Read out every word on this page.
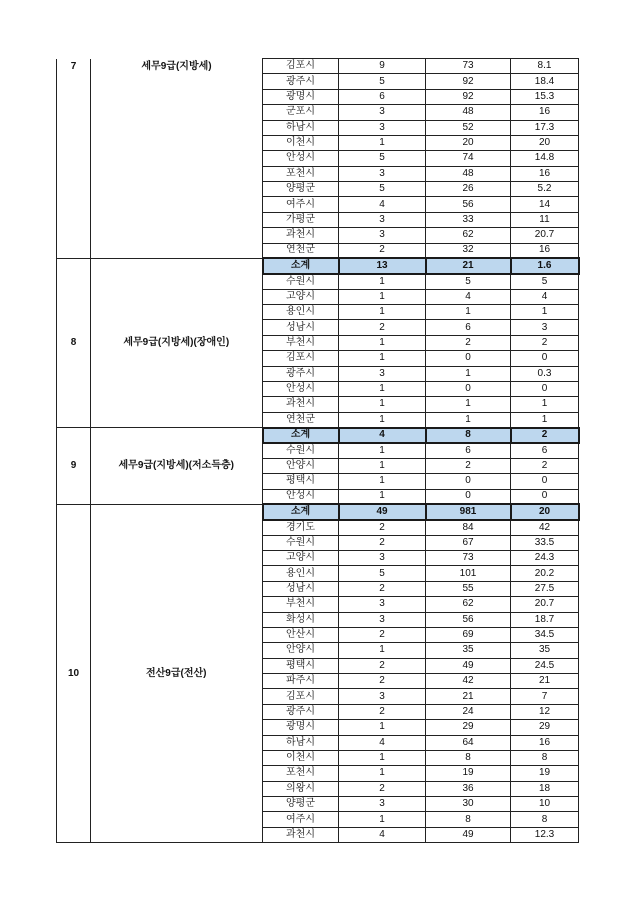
7	세무9급(지방세)	김포시	9	73	8.1
		광주시	5	92	18.4
		광명시	6	92	15.3
		군포시	3	48	16
		하남시	3	52	17.3
		이천시	1	20	20
		안성시	5	74	14.8
		포천시	3	48	16
		양평군	5	26	5.2
		여주시	4	56	14
		가평군	3	33	11
		과천시	3	62	20.7
		연천군	2	32	16
8	세무9급(지방세)(장애인)	소계	13	21	1.6
		수원시	1	5	5
		고양시	1	4	4
		용인시	1	1	1
		성남시	2	6	3
		부천시	1	2	2
		김포시	1	0	0
		광주시	3	1	0.3
		안성시	1	0	0
		과천시	1	1	1
		연천군	1	1	1
9	세무9급(지방세)(저소득층)	소계	4	8	2
		수원시	1	6	6
		안양시	1	2	2
		평택시	1	0	0
		안성시	1	0	0
10	전산9급(전산)	소계	49	981	20
		경기도	2	84	42
		수원시	2	67	33.5
		고양시	3	73	24.3
		용인시	5	101	20.2
		성남시	2	55	27.5
		부천시	3	62	20.7
		화성시	3	56	18.7
		안산시	2	69	34.5
		안양시	1	35	35
		평택시	2	49	24.5
		파주시	2	42	21
		김포시	3	21	7
		광주시	2	24	12
		광명시	1	29	29
		하남시	4	64	16
		이천시	1	8	8
		포천시	1	19	19
		의왕시	2	36	18
		양평군	3	30	10
		여주시	1	8	8
		과천시	4	49	12.3
